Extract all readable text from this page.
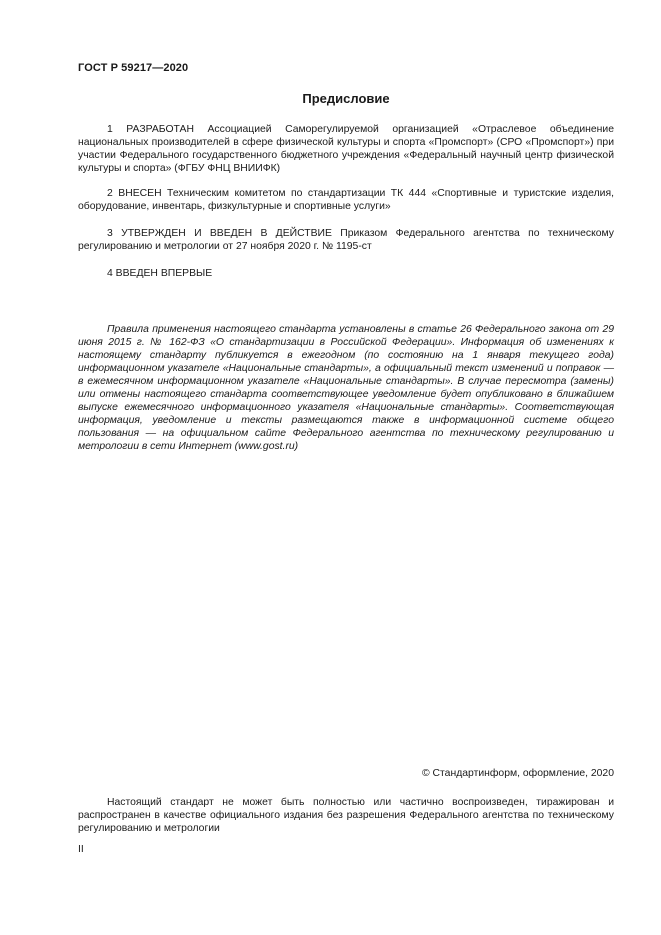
ГОСТ Р 59217—2020
Предисловие

1 РАЗРАБОТАН Ассоциацией Саморегулируемой организацией «Отраслевое объединение национальных производителей в сфере физической культуры и спорта «Промспорт» (СРО «Промспорт») при участии Федерального государственного бюджетного учреждения «Федеральный научный центр физической культуры и спорта» (ФГБУ ФНЦ ВНИИФК)

2 ВНЕСЕН Техническим комитетом по стандартизации ТК 444 «Спортивные и туристские изделия, оборудование, инвентарь, физкультурные и спортивные услуги»

3 УТВЕРЖДЕН И ВВЕДЕН В ДЕЙСТВИЕ Приказом Федерального агентства по техническому регулированию и метрологии от 27 ноября 2020 г. № 1195-ст

4 ВВЕДЕН ВПЕРВЫЕ

Правила применения настоящего стандарта установлены в статье 26 Федерального закона от 29 июня 2015 г. № 162-ФЗ «О стандартизации в Российской Федерации». Информация об изменениях к настоящему стандарту публикуется в ежегодном (по состоянию на 1 января текущего года) информационном указателе «Национальные стандарты», а официальный текст изменений и поправок — в ежемесячном информационном указателе «Национальные стандарты». В случае пересмотра (замены) или отмены настоящего стандарта соответствующее уведомление будет опубликовано в ближайшем выпуске ежемесячного информационного указателя «Национальные стандарты». Соответствующая информация, уведомление и тексты размещаются также в информационной системе общего пользования — на официальном сайте Федерального агентства по техническому регулированию и метрологии в сети Интернет (www.gost.ru)

© Стандартинформ, оформление, 2020

Настоящий стандарт не может быть полностью или частично воспроизведен, тиражирован и распространен в качестве официального издания без разрешения Федерального агентства по техническому регулированию и метрологии

II
